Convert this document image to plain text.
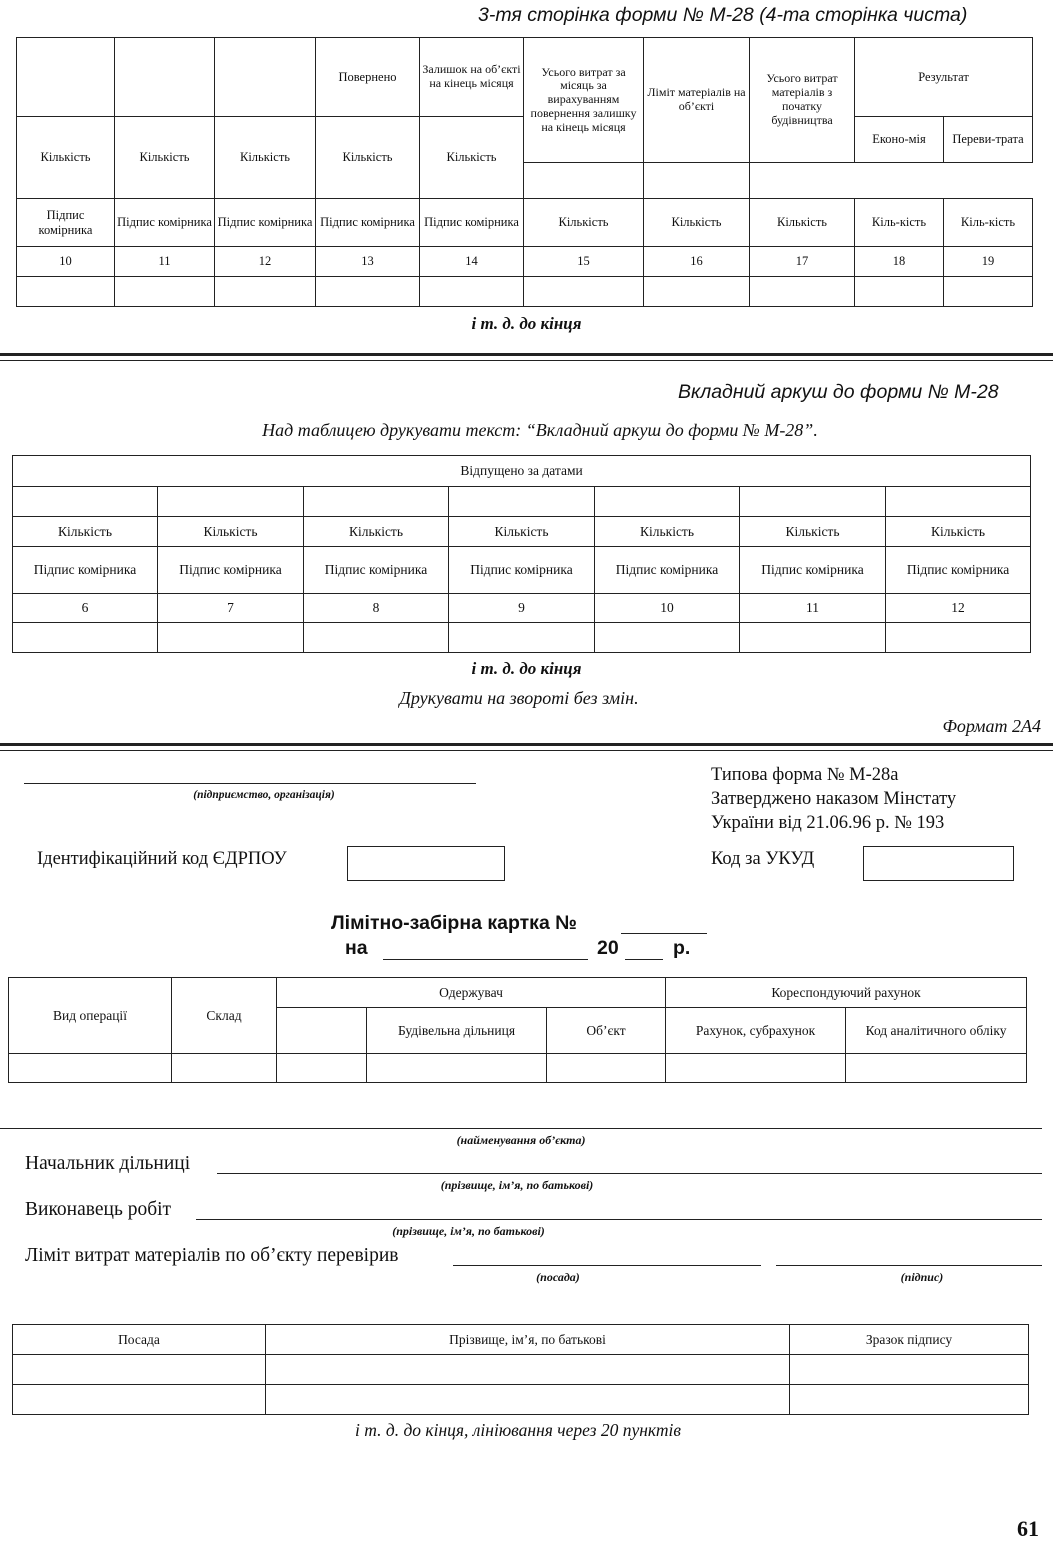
3-тя сторінка форми № М-28 (4-та сторінка чиста)
			Повернено	Залишок на об’єкті на кінець місяця	Усього витрат за місяць за вирахуванням повернення залишку на кінець місяця	Ліміт матеріалів на об’єкті	Усього витрат матеріалів з початку будівництва	Результат	
Кількість	Кількість	Кількість	Кількість	Кількість				Еконо-мія	Переви-трата

Підпис комірника	Підпис комірника	Підпис комірника	Підпис комірника	Підпис комірника	Кількість	Кількість	Кількість	Кіль-кість	Кіль-кість
10	11	12	13	14	15	16	17	18	19

і т. д. до кінця
Вкладний аркуш до форми № М-28
Над таблицею друкувати текст: “Вкладний аркуш до форми № М-28”.
Відпущено за датами						

Кількість	Кількість	Кількість	Кількість	Кількість	Кількість	Кількість
Підпис комірника	Підпис комірника	Підпис комірника	Підпис комірника	Підпис комірника	Підпис комірника	Підпис комірника
6	7	8	9	10	11	12

і т. д. до кінця
Друкувати на звороті без змін.
Формат 2А4
(підприємство, організація)
Типова форма № М-28а
Затверджено наказом Мінстату
України від 21.06.96 р. № 193
Ідентифікаційний код ЄДРПОУ	Код за УКУД
Лімітно-забірна картка №
на	20	р.
Вид операції	Склад	Одержувач			Кореспондуючий рахунок	
			Будівельна дільниця	Об’єкт	Рахунок, субрахунок	Код аналітичного обліку

(найменування об’єкта)
Начальник дільниці
(прізвище, ім’я, по батькові)
Виконавець робіт
(прізвище, ім’я, по батькові)
Ліміт витрат матеріалів по об’єкту перевірив
(посада)	(підпис)
Посада	Прізвище, ім’я, по батькові	Зразок підпису

і т. д. до кінця, лініювання через 20 пунктів
61
